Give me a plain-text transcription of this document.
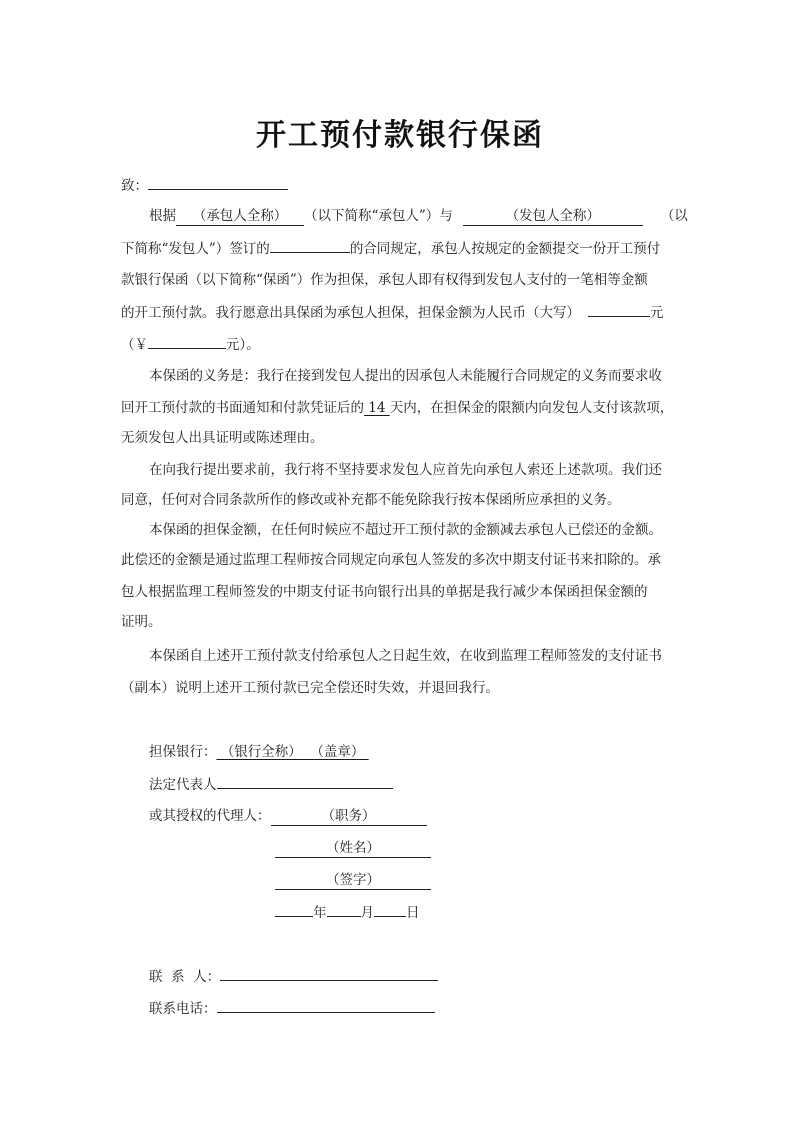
开工预付款银行保函
致：
根据 （承包人全称） （以下简称“承包人”）与	（发包人全称）	（以
下简称“发包人”）签订的	的合同规定，承包人按规定的金额提交一份开工预付
款银行保函（以下简称“保函”）作为担保，承包人即有权得到发包人支付的一笔相等金额
的开工预付款。我行愿意出具保函为承包人担保，担保金额为人民币（大写）	元
（￥	元）。
本保函的义务是：我行在接到发包人提出的因承包人未能履行合同规定的义务而要求收
回开工预付款的书面通知和付款凭证后的 14 天内，在担保金的限额内向发包人支付该款项，
无须发包人出具证明或陈述理由。
在向我行提出要求前，我行将不坚持要求发包人应首先向承包人索还上述款项。我们还
同意，任何对合同条款所作的修改或补充都不能免除我行按本保函所应承担的义务。
本保函的担保金额，在任何时候应不超过开工预付款的金额减去承包人已偿还的金额。
此偿还的金额是通过监理工程师按合同规定向承包人签发的多次中期支付证书来扣除的。承
包人根据监理工程师签发的中期支付证书向银行出具的单据是我行减少本保函担保金额的
证明。
本保函自上述开工预付款支付给承包人之日起生效，在收到监理工程师签发的支付证书
（副本）说明上述开工预付款已完全偿还时失效，并退回我行。
担保银行： （银行全称）  （盖章）
法定代表人
或其授权的代理人：	（职务）
（姓名）
（签字）
年	月 日
联  系  人：
联系电话：
